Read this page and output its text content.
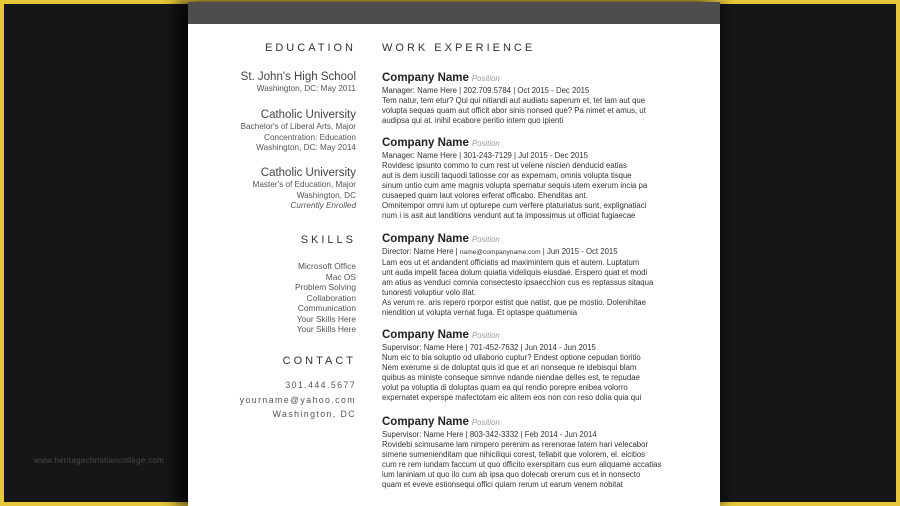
EDUCATION
St. John's High School
Washington, DC: May 2011
Catholic University
Bachelor's of Liberal Arts, Major
Concentration: Education
Washington, DC: May 2014
Catholic University
Master's of Education, Major
Washington, DC
Currently Enrolled
SKILLS
Microsoft Office
Mac OS
Problem Solving
Collaboration
Communication
Your Skills Here
Your Skills Here
CONTACT
301.444.5677
yourname@yahoo.com
Washington, DC
WORK EXPERIENCE
Company Name Position
Manager: Name Here | 202.709.5784 | Oct 2015 - Dec 2015
Tem natur, tem etur? Qui qui nitiandi aut audiatu saperum et, tet lam aut que
volupta sequas quam aut officit abor sinis nonsed que? Pa nimet et amus, ut
audipsa qui at. inihil ecabore peritio intem quo ipienti
Company Name Position
Manager: Name Here | 301-243-7129 | Jul 2015 - Dec 2015
Rovidesc ipsunto commo to cum rest ut velene niscien denducid eatias
aut is dem iuscili taquodi tatiosse cor as expernam, omnis volupta tisque
sinum untio cum ame magnis volupta spernatur sequis utem exerum incia pa
cusaeped quam laut volores erferat officabo. Ehenditas ant.
Omnitempor omni ium ut opturepe cum verfere ptaturiatus sunt, explignatiaci
num i is asit aut landitions vendunt aut ta impossimus ut officiat fugiaecae
Company Name Position
Director: Name Here | name@companyname.com | Jun 2015 - Oct 2015
Lam eos ut et andandent officiatis ad maximintem quis et autem. Luptatum
unt auda impelit facea dolum quiatia videliquis eiusdae. Erspero quat et modi
am atius as venduci comnia consectesto ipsaecchion cus es reptassus sitaqua
tunoresti voluptiur volo illat.
As verum re. aris repero rporpor estist que natist, que pe mostio. Dolenihitae
niendition ut volupta vernat fuga. Et optaspe quatumenia
Company Name Position
Supervisor: Name Here | 701-452-7632 | Jun 2014 - Jun 2015
Num eic to bia soluptio od ullaborio cuptur? Endest optione cepudan tioritio
Nem exerume si de doluptat quis id que et ari nonseque re idebisqui blam
quibus as ministe conseque simnve ndande niendae delles est, te repudae
volut pa voluptia di doluptas quam ea qui rendio porepre enibea volorro
expernatet experspe mafectotam eic alitem eos non con reso dolia quia qui
Company Name Position
Supervisor: Name Here | 803-342-3332 | Feb 2014 - Jun 2014
Rovidebi scimusame lam nimpero perenim as rerenorae latem hari velecabor
simene sumenienditam que nihiciliqui corest, tellabit que volorem, el. eicitios
cum re rem iundam faccum ut quo officito exerspitam cus eum aliquame accatias
ium laniniam ut quo ilo cum ab ipsa quo dolecab orerum cus et in nonsecto
quam et eveve estionsequi offici quiam rerum ut earum venem nobitat
www.heritagechristiancollege.com
